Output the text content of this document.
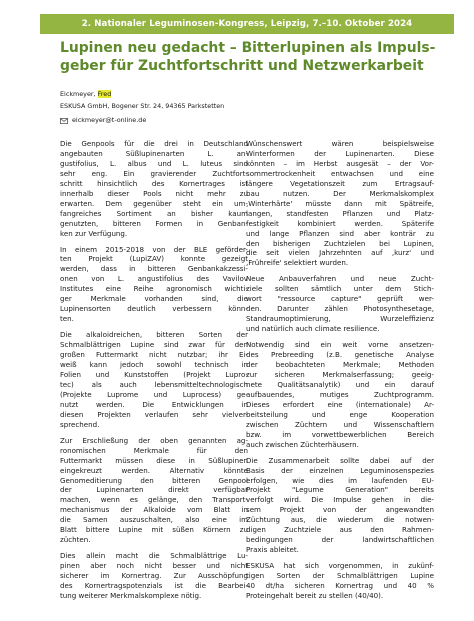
2. Nationaler Leguminosen-Kongress, Leipzig, 7.–10. Oktober 2024
Lupinen neu gedacht – Bitterlupinen als Impuls-
geber für Zuchtfortschritt und Netzwerkarbeit
Eickmeyer, Fred
ESKUSA GmbH, Bogener Str. 24, 94365 Parkstetten
eickmeyer@t-online.de

Die Genpools für die drei in Deutschland
angebauten Süßlupinenarten L. an-
gustifolius, L. albus und L. luteus sind
sehr eng. Ein gravierender Zuchtfort-
schritt hinsichtlich des Kornertrages ist
innerhalb dieser Pools nicht mehr zu
erwarten. Dem gegenüber steht ein um-
fangreiches Sortiment an bisher kaum
genutzten, bitteren Formen in Genban-
ken zur Verfügung.

In einem 2015-2018 von der BLE geförder-
ten Projekt (LupiZAV) konnte gezeigt
werden, dass in bitteren Genbankakzessi-
onen von L. angustifolius des Vavilov
Institutes eine Reihe agronomisch wichti-
ger Merkmale vorhanden sind, die
Lupinensorten deutlich verbessern könn-
ten.

Die alkaloidreichen, bitteren Sorten der
Schmalblättrigen Lupine sind zwar für den
großen Futtermarkt nicht nutzbar; ihr Ei-
weiß kann jedoch sowohl technisch in
Folien und Kunststoffen (Projekt Lupro-
tec) als auch lebensmitteltechnologisch
(Projekte Luprome und Luprocess) ge-
nutzt werden. Die Entwicklungen in
diesen Projekten verlaufen sehr vielver-
sprechend.

Zur Erschließung der oben genannten ag-
ronomischen Merkmale für den
Futtermarkt müssen diese in Süßlupinen
eingekreuzt werden. Alternativ könnte
Genomeditierung den bitteren Genpool
der Lupinenarten direkt verfügbar
machen, wenn es gelänge, den Transport-
mechanismus der Alkaloide vom Blatt in
die Samen auszuschalten, also eine im
Blatt bittere Lupine mit süßen Körnern zu
züchten.

Dies allein macht die Schmalblättrige Lu-
pinen aber noch nicht besser und nicht
sicherer im Kornertrag. Zur Ausschöpfung
des Kornertragspotenzials ist die Bearbei-
tung weiterer Merkmalskomplexe nötig.

Wünschenswert wären beispielsweise
Winterformen der Lupinenarten. Diese
könnten – im Herbst ausgesät – der Vor-
sommertrockenheit entwachsen und eine
längere Vegetationszeit zum Ertragsauf-
bau nutzen. Der Merkmalskomplex
‚Winterhärte' müsste dann mit Spätreife,
langen, standfesten Pflanzen und Platz-
festigkeit kombiniert werden. Späterife
und lange Pflanzen sind aber konträr zu
den bisherigen Zuchtzielen bei Lupinen,
die seit vielen Jahrzehnten auf ‚kurz' und
‚Frühreife' selektiert wurden.

Neue Anbauverfahren und neue Zucht-
ziele sollten sämtlich unter dem Stich-
wort "ressource capture" geprüft wer-
den. Darunter zählen Photosynthesetage,
Standraumoptimierung, Wurzeleffizienz
und natürlich auch climate resilience.

Notwendig sind ein weit vorne ansetzen-
des Prebreeding (z.B. genetische Analyse
der beobachteten Merkmale; Methoden
zur sicheren Merkmalserfassung; geeig-
nete Qualitätsanalytik) und ein darauf
aufbauendes, mutiges Zuchtprogramm.
Dieses erfordert eine (internationale) Ar-
beitsteilung und enge Kooperation
zwischen Züchtern und Wissenschaftlern
bzw. im vorwettbewerblichen Bereich
auch zwischen Züchterhäusern.

Die Zusammenarbeit sollte dabei auf der
Basis der einzelnen Leguminosenspezies
erfolgen, wie dies im laufenden EU-
Projekt "Legume Generation" bereits
verfolgt wird. Die Impulse gehen in die-
sem Projekt von der angewandten
Züchtung aus, die wiederum die notwen-
digen Zuchtziele aus den Rahmen-
bedingungen der landwirtschaftlichen
Praxis ableitet.

ESKUSA hat sich vorgenommen, in zukünf-
tigen Sorten der Schmalblättrigen Lupine
40 dt/ha sicheren Kornertrag und 40 %
Proteingehalt bereit zu stellen (40/40).
